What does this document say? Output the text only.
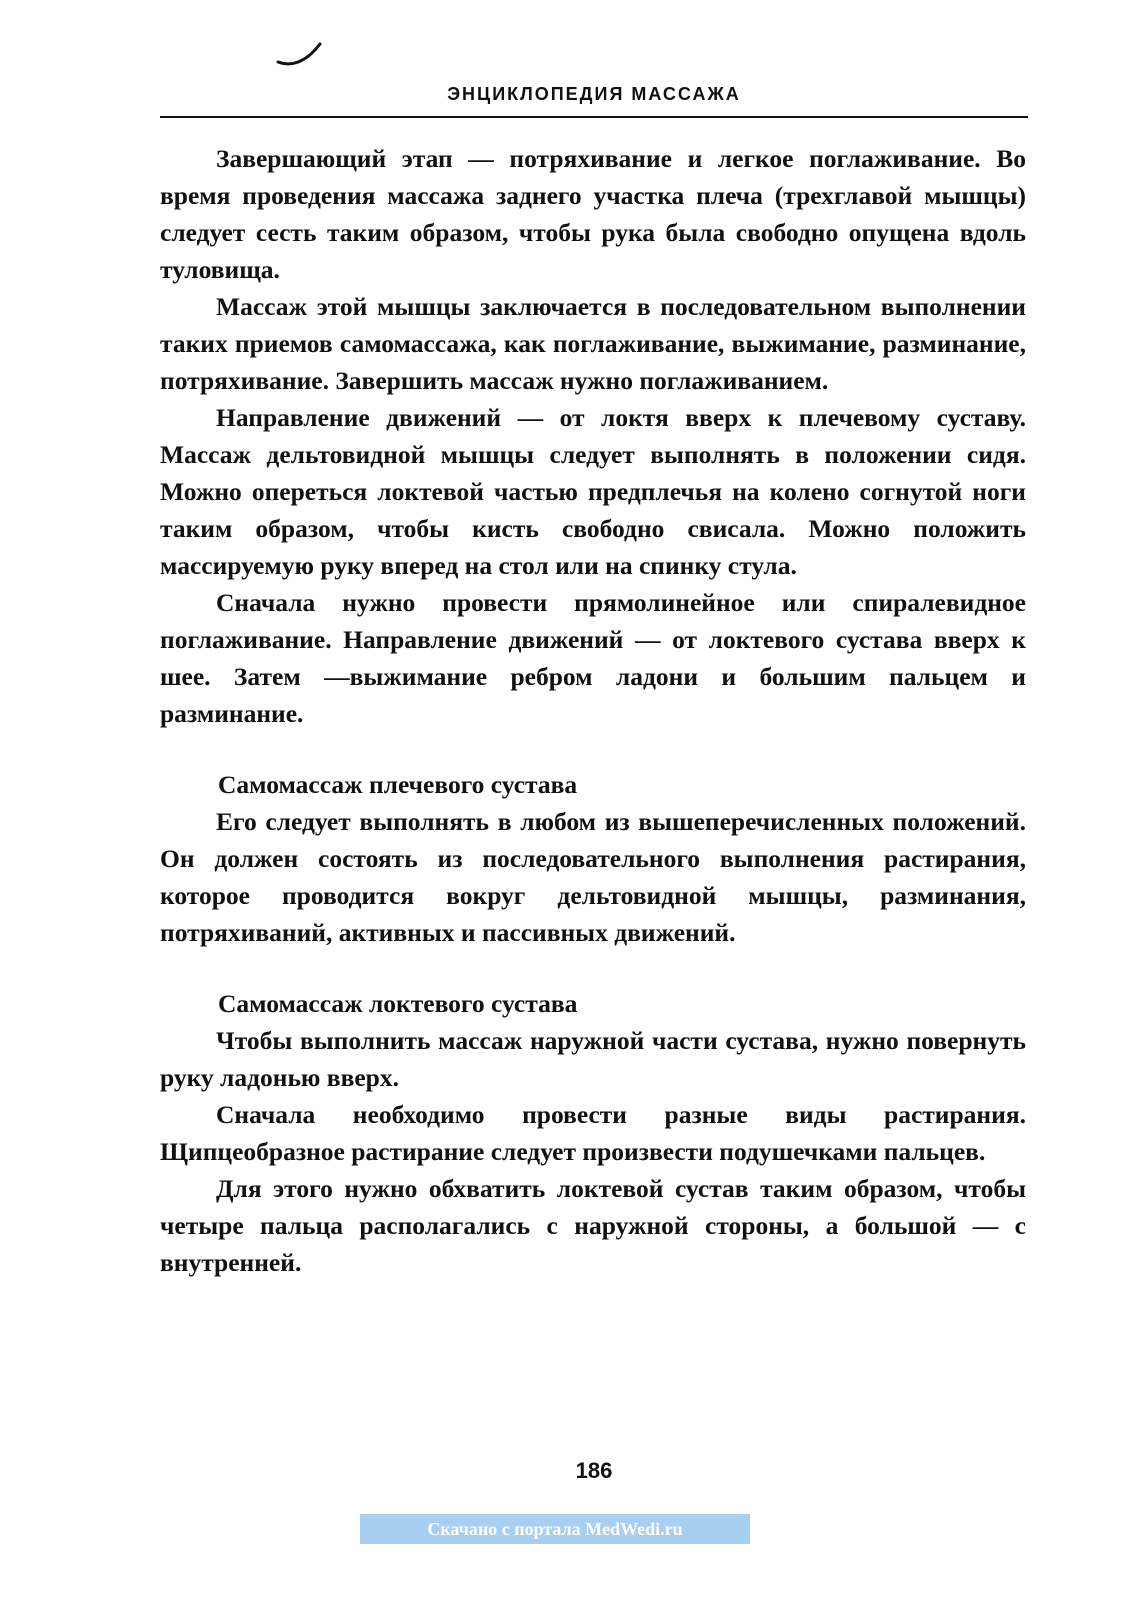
ЭНЦИКЛОПЕДИЯ МАССАЖА

Завершающий этап — потряхивание и легкое поглаживание. Во время проведения массажа заднего участка плеча (трехглавой мышцы) следует сесть таким образом, чтобы рука была свободно опущена вдоль туловища.

Массаж этой мышцы заключается в последовательном выполнении таких приемов самомассажа, как поглаживание, выжимание, разминание, потряхивание. Завершить массаж нужно поглаживанием.

Направление движений — от локтя вверх к плечевому суставу. Массаж дельтовидной мышцы следует выполнять в положении сидя. Можно опереться локтевой частью предплечья на колено согнутой ноги таким образом, чтобы кисть свободно свисала. Можно положить массируемую руку вперед на стол или на спинку стула.

Сначала нужно провести прямолинейное или спиралевидное поглаживание. Направление движений — от локтевого сустава вверх к шее. Затем —выжимание ребром ладони и большим пальцем и разминание.

Самомассаж плечевого сустава

Его следует выполнять в любом из вышеперечисленных положений. Он должен состоять из последовательного выполнения растирания, которое проводится вокруг дельтовидной мышцы, разминания, потряхиваний, активных и пассивных движений.

Самомассаж локтевого сустава

Чтобы выполнить массаж наружной части сустава, нужно повернуть руку ладонью вверх.

Сначала необходимо провести разные виды растирания. Щипцеобразное растирание следует произвести подушечками пальцев.

Для этого нужно обхватить локтевой сустав таким образом, чтобы четыре пальца располагались с наружной стороны, а большой — с внутренней.

186
Скачано с портала MedWedi.ru
